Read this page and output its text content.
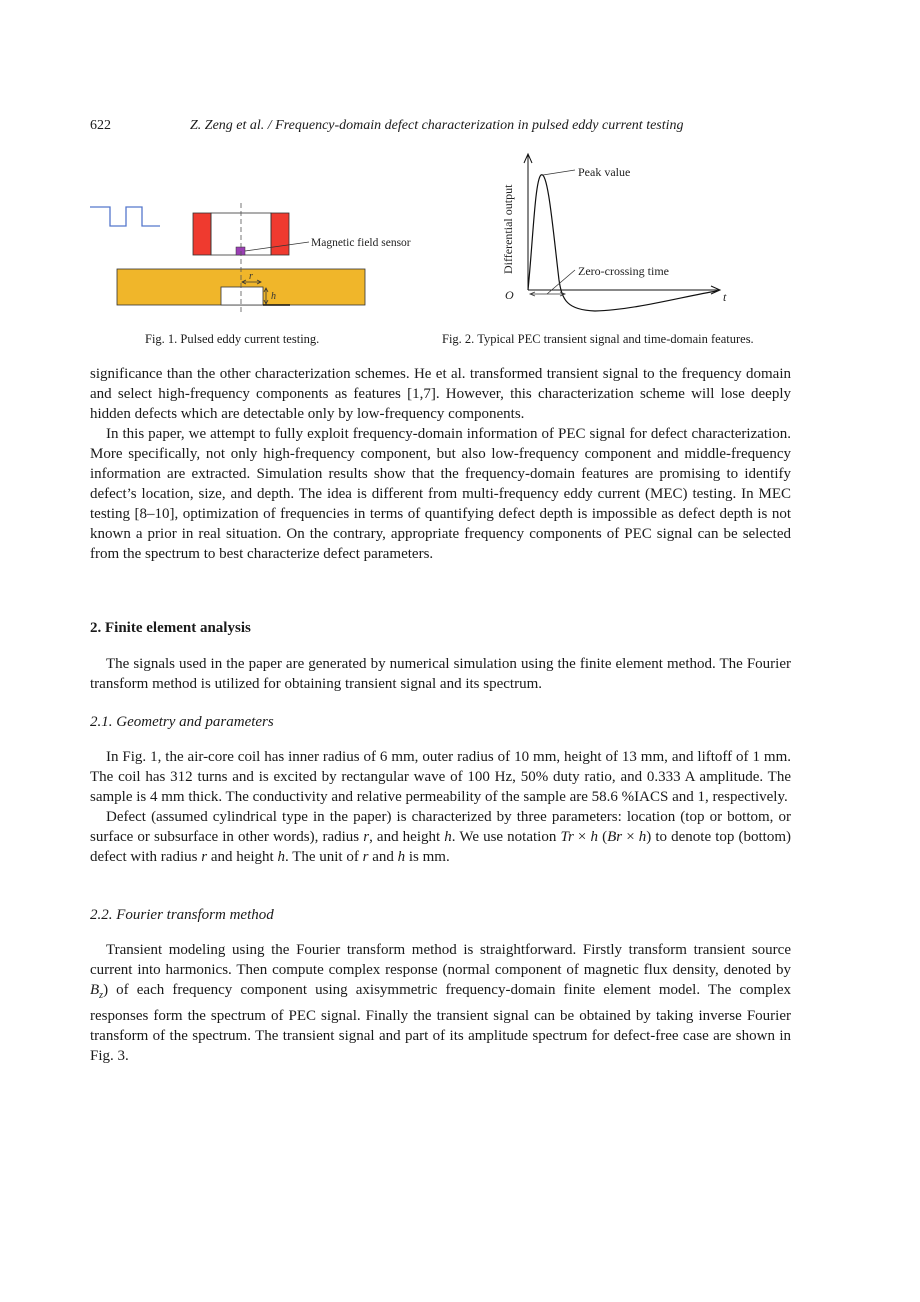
622	Z. Zeng et al. / Frequency-domain defect characterization in pulsed eddy current testing
Magnetic field sensor
r
h
Fig. 1. Pulsed eddy current testing.
Differential output
O	t
Peak value
Zero-crossing time
Fig. 2. Typical PEC transient signal and time-domain features.

significance than the other characterization schemes. He et al. transformed transient signal to the frequency domain and select high-frequency components as features [1,7]. However, this characterization scheme will lose deeply hidden defects which are detectable only by low-frequency components.

In this paper, we attempt to fully exploit frequency-domain information of PEC signal for defect characterization. More specifically, not only high-frequency component, but also low-frequency component and middle-frequency information are extracted. Simulation results show that the frequency-domain features are promising to identify defect’s location, size, and depth. The idea is different from multi-frequency eddy current (MEC) testing. In MEC testing [8–10], optimization of frequencies in terms of quantifying defect depth is impossible as defect depth is not known a prior in real situation. On the contrary, appropriate frequency components of PEC signal can be selected from the spectrum to best characterize defect parameters.

2. Finite element analysis

The signals used in the paper are generated by numerical simulation using the finite element method. The Fourier transform method is utilized for obtaining transient signal and its spectrum.

2.1. Geometry and parameters

In Fig. 1, the air-core coil has inner radius of 6 mm, outer radius of 10 mm, height of 13 mm, and liftoff of 1 mm. The coil has 312 turns and is excited by rectangular wave of 100 Hz, 50% duty ratio, and 0.333 A amplitude. The sample is 4 mm thick. The conductivity and relative permeability of the sample are 58.6 %IACS and 1, respectively.

Defect (assumed cylindrical type in the paper) is characterized by three parameters: location (top or bottom, or surface or subsurface in other words), radius r, and height h. We use notation Tr × h (Br × h) to denote top (bottom) defect with radius r and height h. The unit of r and h is mm.

2.2. Fourier transform method

Transient modeling using the Fourier transform method is straightforward. Firstly transform transient source current into harmonics. Then compute complex response (normal component of magnetic flux density, denoted by $B_z$) of each frequency component using axisymmetric frequency-domain finite element model. The complex responses form the spectrum of PEC signal. Finally the transient signal can be obtained by taking inverse Fourier transform of the spectrum. The transient signal and part of its amplitude spectrum for defect-free case are shown in Fig. 3.
